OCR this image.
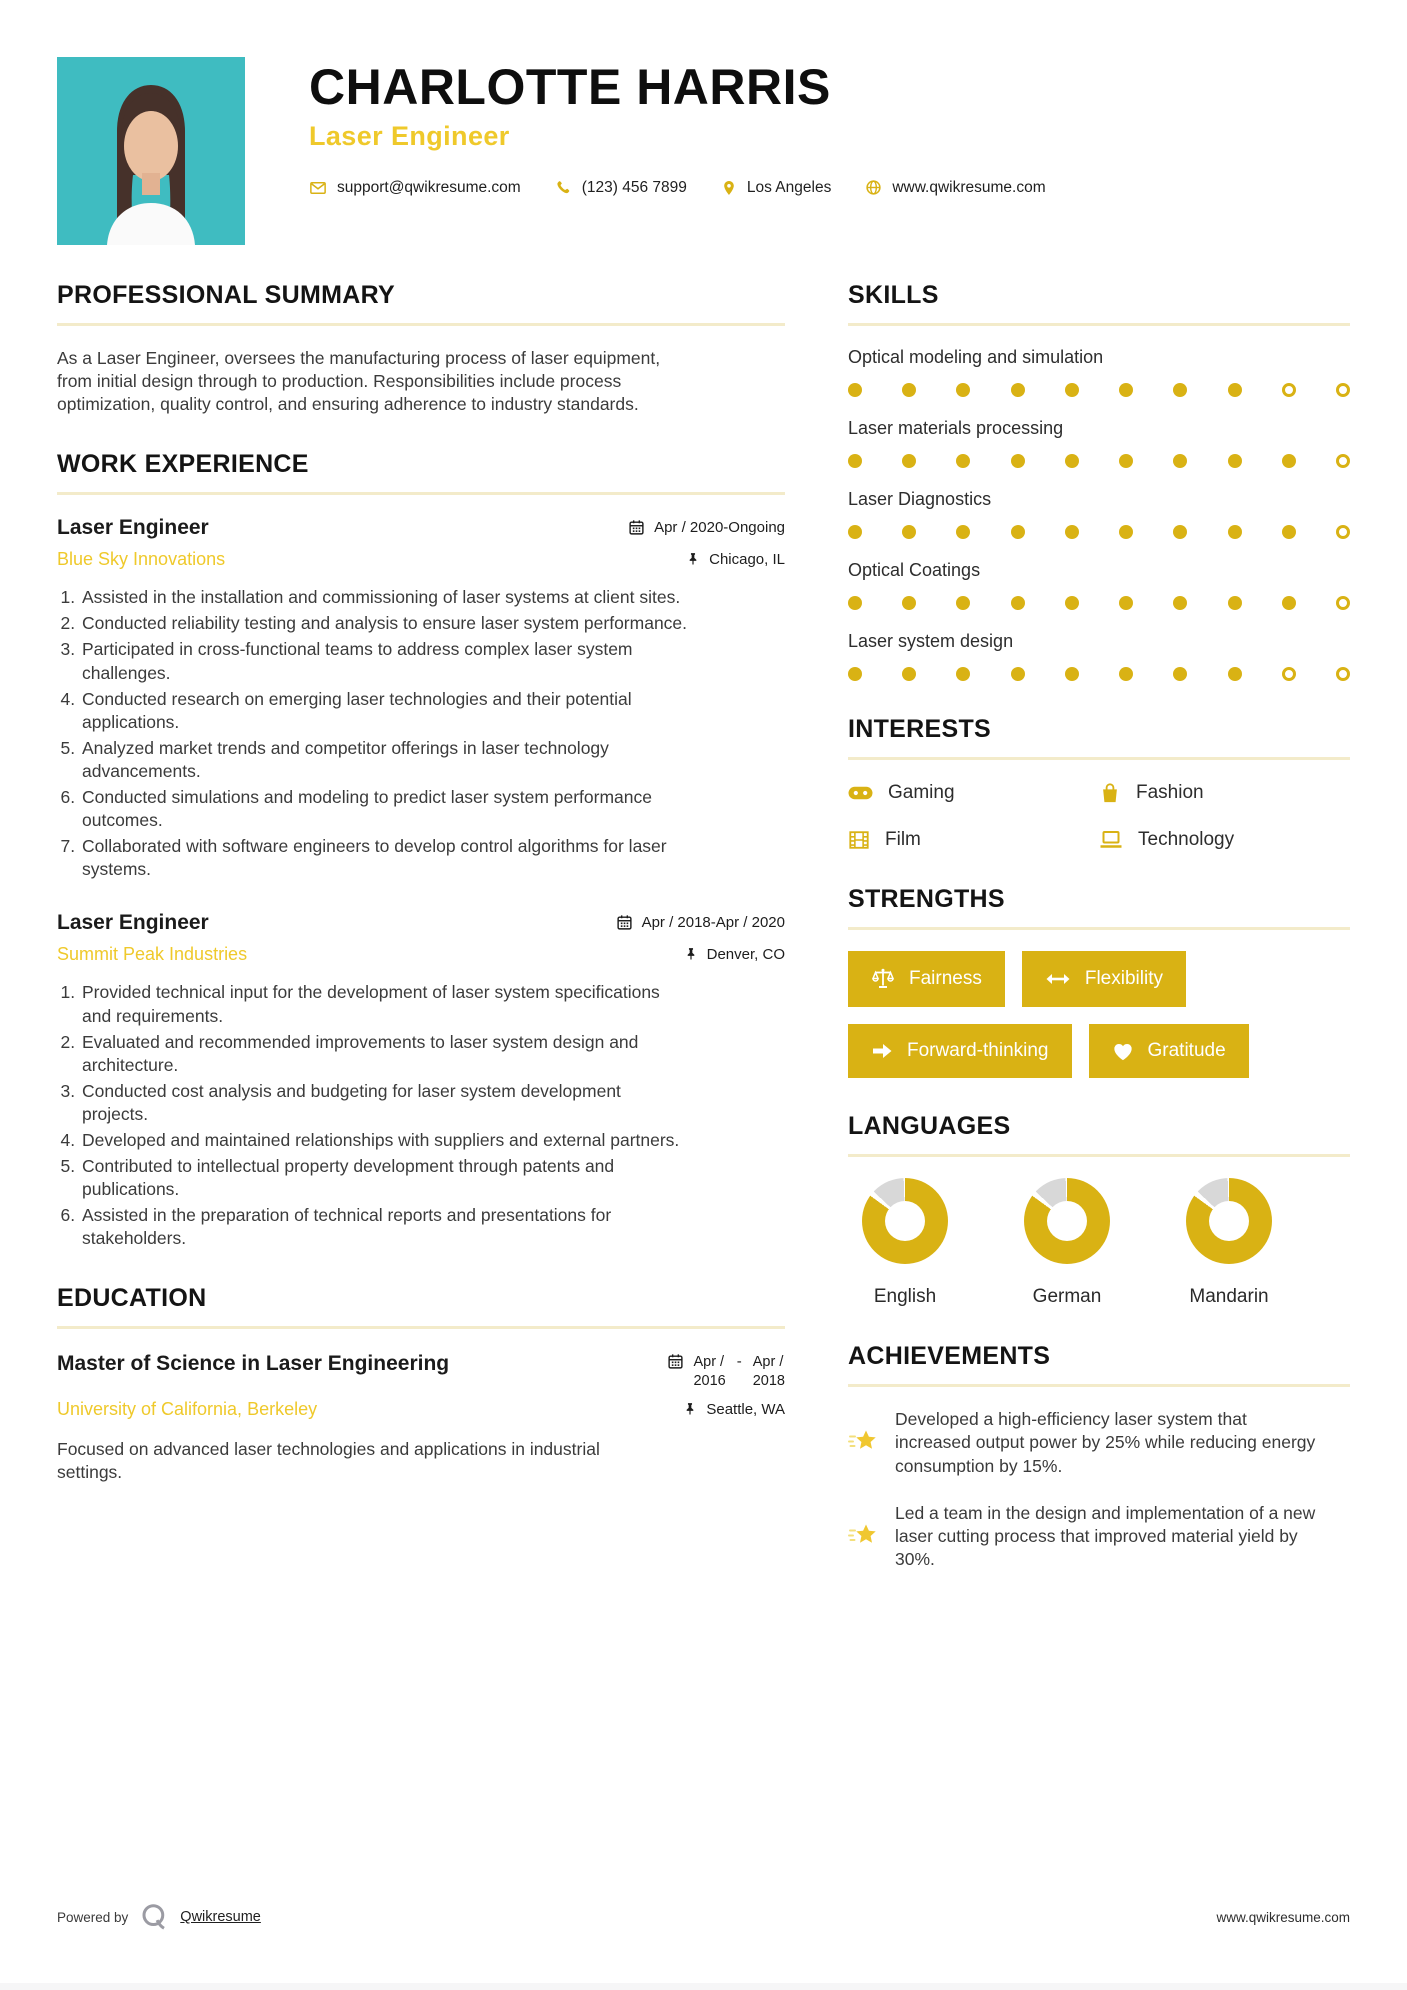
CHARLOTTE HARRIS
Laser Engineer
support@qwikresume.com	(123) 456 7899	Los Angeles	www.qwikresume.com
PROFESSIONAL SUMMARY

As a Laser Engineer, oversees the manufacturing process of laser equipment, from initial design through to production. Responsibilities include process optimization, quality control, and ensuring adherence to industry standards.

WORK EXPERIENCE
Laser Engineer	Apr / 2020-Ongoing
Blue Sky Innovations	Chicago, IL
1. Assisted in the installation and commissioning of laser systems at client sites.
2. Conducted reliability testing and analysis to ensure laser system performance.
3. Participated in cross-functional teams to address complex laser system challenges.
4. Conducted research on emerging laser technologies and their potential applications.
5. Analyzed market trends and competitor offerings in laser technology advancements.
6. Conducted simulations and modeling to predict laser system performance outcomes.
7. Collaborated with software engineers to develop control algorithms for laser systems.
Laser Engineer	Apr / 2018-Apr / 2020
Summit Peak Industries	Denver, CO
1. Provided technical input for the development of laser system specifications and requirements.
2. Evaluated and recommended improvements to laser system design and architecture.
3. Conducted cost analysis and budgeting for laser system development projects.
4. Developed and maintained relationships with suppliers and external partners.
5. Contributed to intellectual property development through patents and publications.
6. Assisted in the preparation of technical reports and presentations for stakeholders.
EDUCATION
Master of Science in Laser Engineering	Apr /
2016
- Apr /
2018
University of California, Berkeley	Seattle, WA

Focused on advanced laser technologies and applications in industrial settings.

SKILLS
Optical modeling and simulation
Laser materials processing
Laser Diagnostics
Optical Coatings
Laser system design
INTERESTS
Gaming	Fashion
Film	Technology
STRENGTHS
Fairness	Flexibility
Forward-thinking	Gratitude
LANGUAGES
English	German	Mandarin
ACHIEVEMENTS

Developed a high-efficiency laser system that increased output power by 25% while reducing energy consumption by 15%.

Led a team in the design and implementation of a new laser cutting process that improved material yield by 30%.

Powered by	Qwikresume	www.qwikresume.com
